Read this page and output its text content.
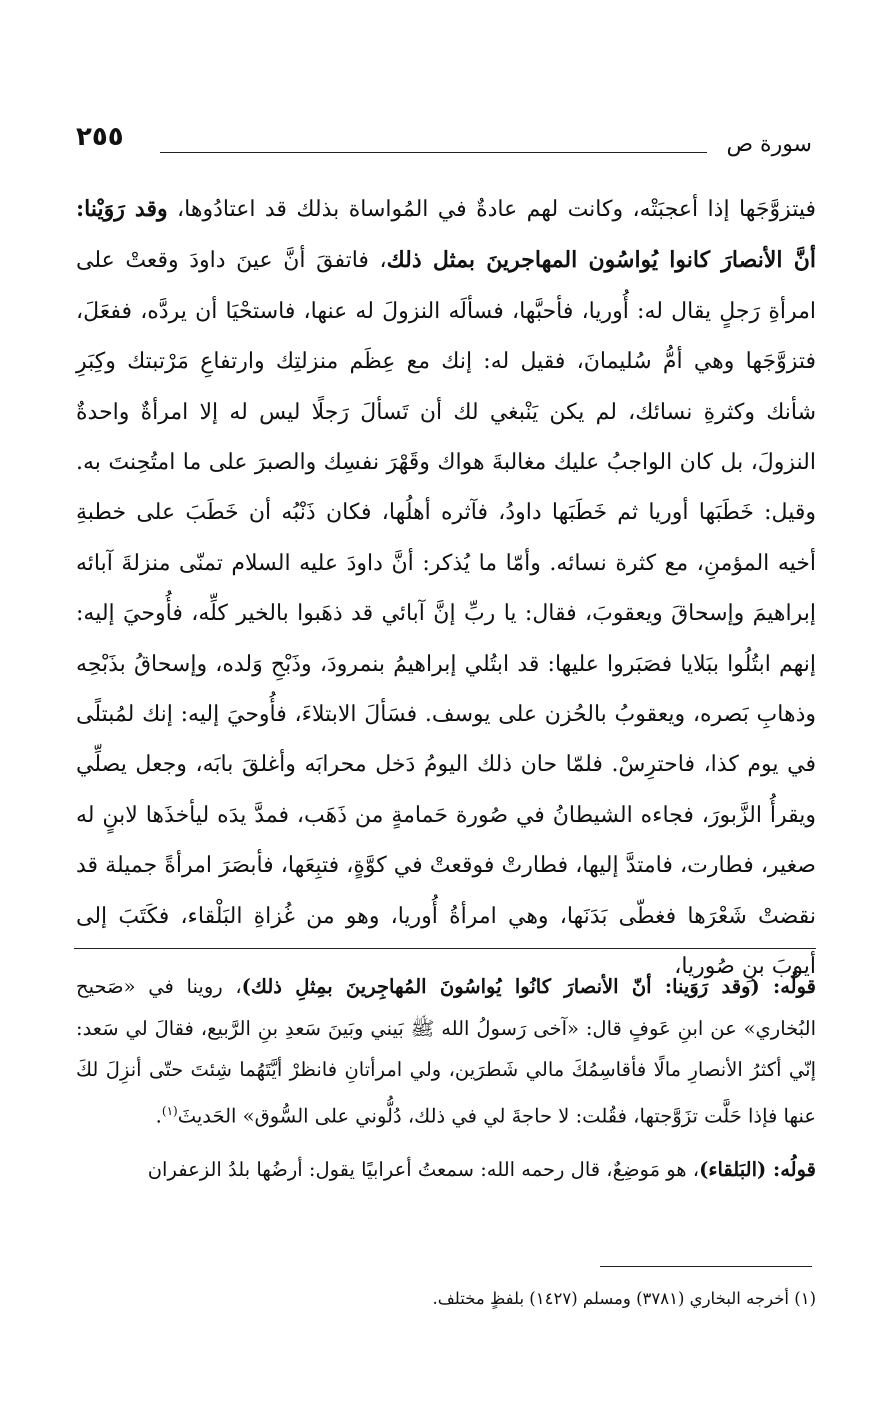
سورة ص
٢٥٥

فيتزوَّجَها إذا أعجبَتْه، وكانت لهم عادةٌ في المُواساة بذلك قد اعتادُوها، وقد رَوَيْنا: أنَّ الأنصارَ كانوا يُواسُون المهاجرينَ بمثل ذلك، فاتفقَ أنَّ عينَ داودَ وقعتْ على امرأةِ رَجلٍ يقال له: أُوريا، فأحبَّها، فسألَه النزولَ له عنها، فاستحْيَا أن يردَّه، ففعَلَ، فتزوَّجَها وهي أمُّ سُليمانَ، فقيل له: إنك مع عِظَم منزلتِك وارتفاعِ مَرْتبتك وكِبَرِ شأنك وكثرةِ نسائك، لم يكن يَنْبغي لك أن تَسألَ رَجلًا ليس له إلا امرأةٌ واحدةٌ النزولَ، بل كان الواجبُ عليك مغالبةَ هواك وقَهْرَ نفسِك والصبرَ على ما امتُحِنتَ به. وقيل: خَطَبَها أوريا ثم خَطَبَها داودُ، فآثره أهلُها، فكان ذَنْبُه أن خَطَبَ على خطبةِ أخيه المؤمنِ، مع كثرة نسائه. وأمّا ما يُذكر: أنَّ داودَ عليه السلام تمنّى منزلةَ آبائه إبراهيمَ وإسحاقَ ويعقوبَ، فقال: يا ربِّ إنَّ آبائي قد ذهَبوا بالخير كلِّه، فأُوحيَ إليه: إنهم ابتُلُوا ببَلايا فصَبَروا عليها: قد ابتُلي إبراهيمُ بنمرودَ، وذَبْحِ وَلده، وإسحاقُ بذَبْحِه وذهابِ بَصره، ويعقوبُ بالحُزن على يوسف. فسَألَ الابتلاءَ، فأُوحيَ إليه: إنك لمُبتلًى في يوم كذا، فاحترِسْ. فلمّا حان ذلك اليومُ دَخل محرابَه وأغلقَ بابَه، وجعل يصلِّي ويقرأُ الزَّبورَ، فجاءه الشيطانُ في صُورة حَمامةٍ من ذَهَب، فمدَّ يدَه ليأخذَها لابنٍ له صغير، فطارت، فامتدَّ إليها، فطارتْ فوقعتْ في كوَّةٍ، فتبِعَها، فأبصَرَ امرأةً جميلة قد نقضتْ شَعْرَها فغطّى بَدَنَها، وهي امرأةُ أُوريا، وهو من غُزاةِ البَلْقاء، فكَتَبَ إلى أيوبَ بنِ صُوريا،

قولُه: (وقد رَوَينا: أنّ الأنصارَ كانُوا يُواسُونَ المُهاجِرينَ بمِثلِ ذلك)، روينا في «صَحيح البُخاري» عن ابنِ عَوفٍ قال: «آخى رَسولُ الله ﷺ بَيني وبَينَ سَعدِ بنِ الرَّبيع، فقالَ لي سَعد: إنّي أكثرُ الأنصارِ مالًا فأقاسِمُكَ مالي شَطرَين، ولي امرأتانِ فانظرْ أيَّتَهُما شِئتَ حتّى أنزِلَ لكَ عنها فإذا حَلَّت تزَوَّجتها، فقُلت: لا حاجةَ لي في ذلك، دُلُّوني على السُّوق» الحَديثَ$^{(١)}$.

قولُه: (البَلقاء)، هو مَوضِعٌ، قال رحمه الله: سمعتُ أعرابيًا يقول: أرضُها بلدُ الزعفران

(١) أخرجه البخاري (٣٧٨١) ومسلم (١٤٢٧) بلفظٍ مختلف.
